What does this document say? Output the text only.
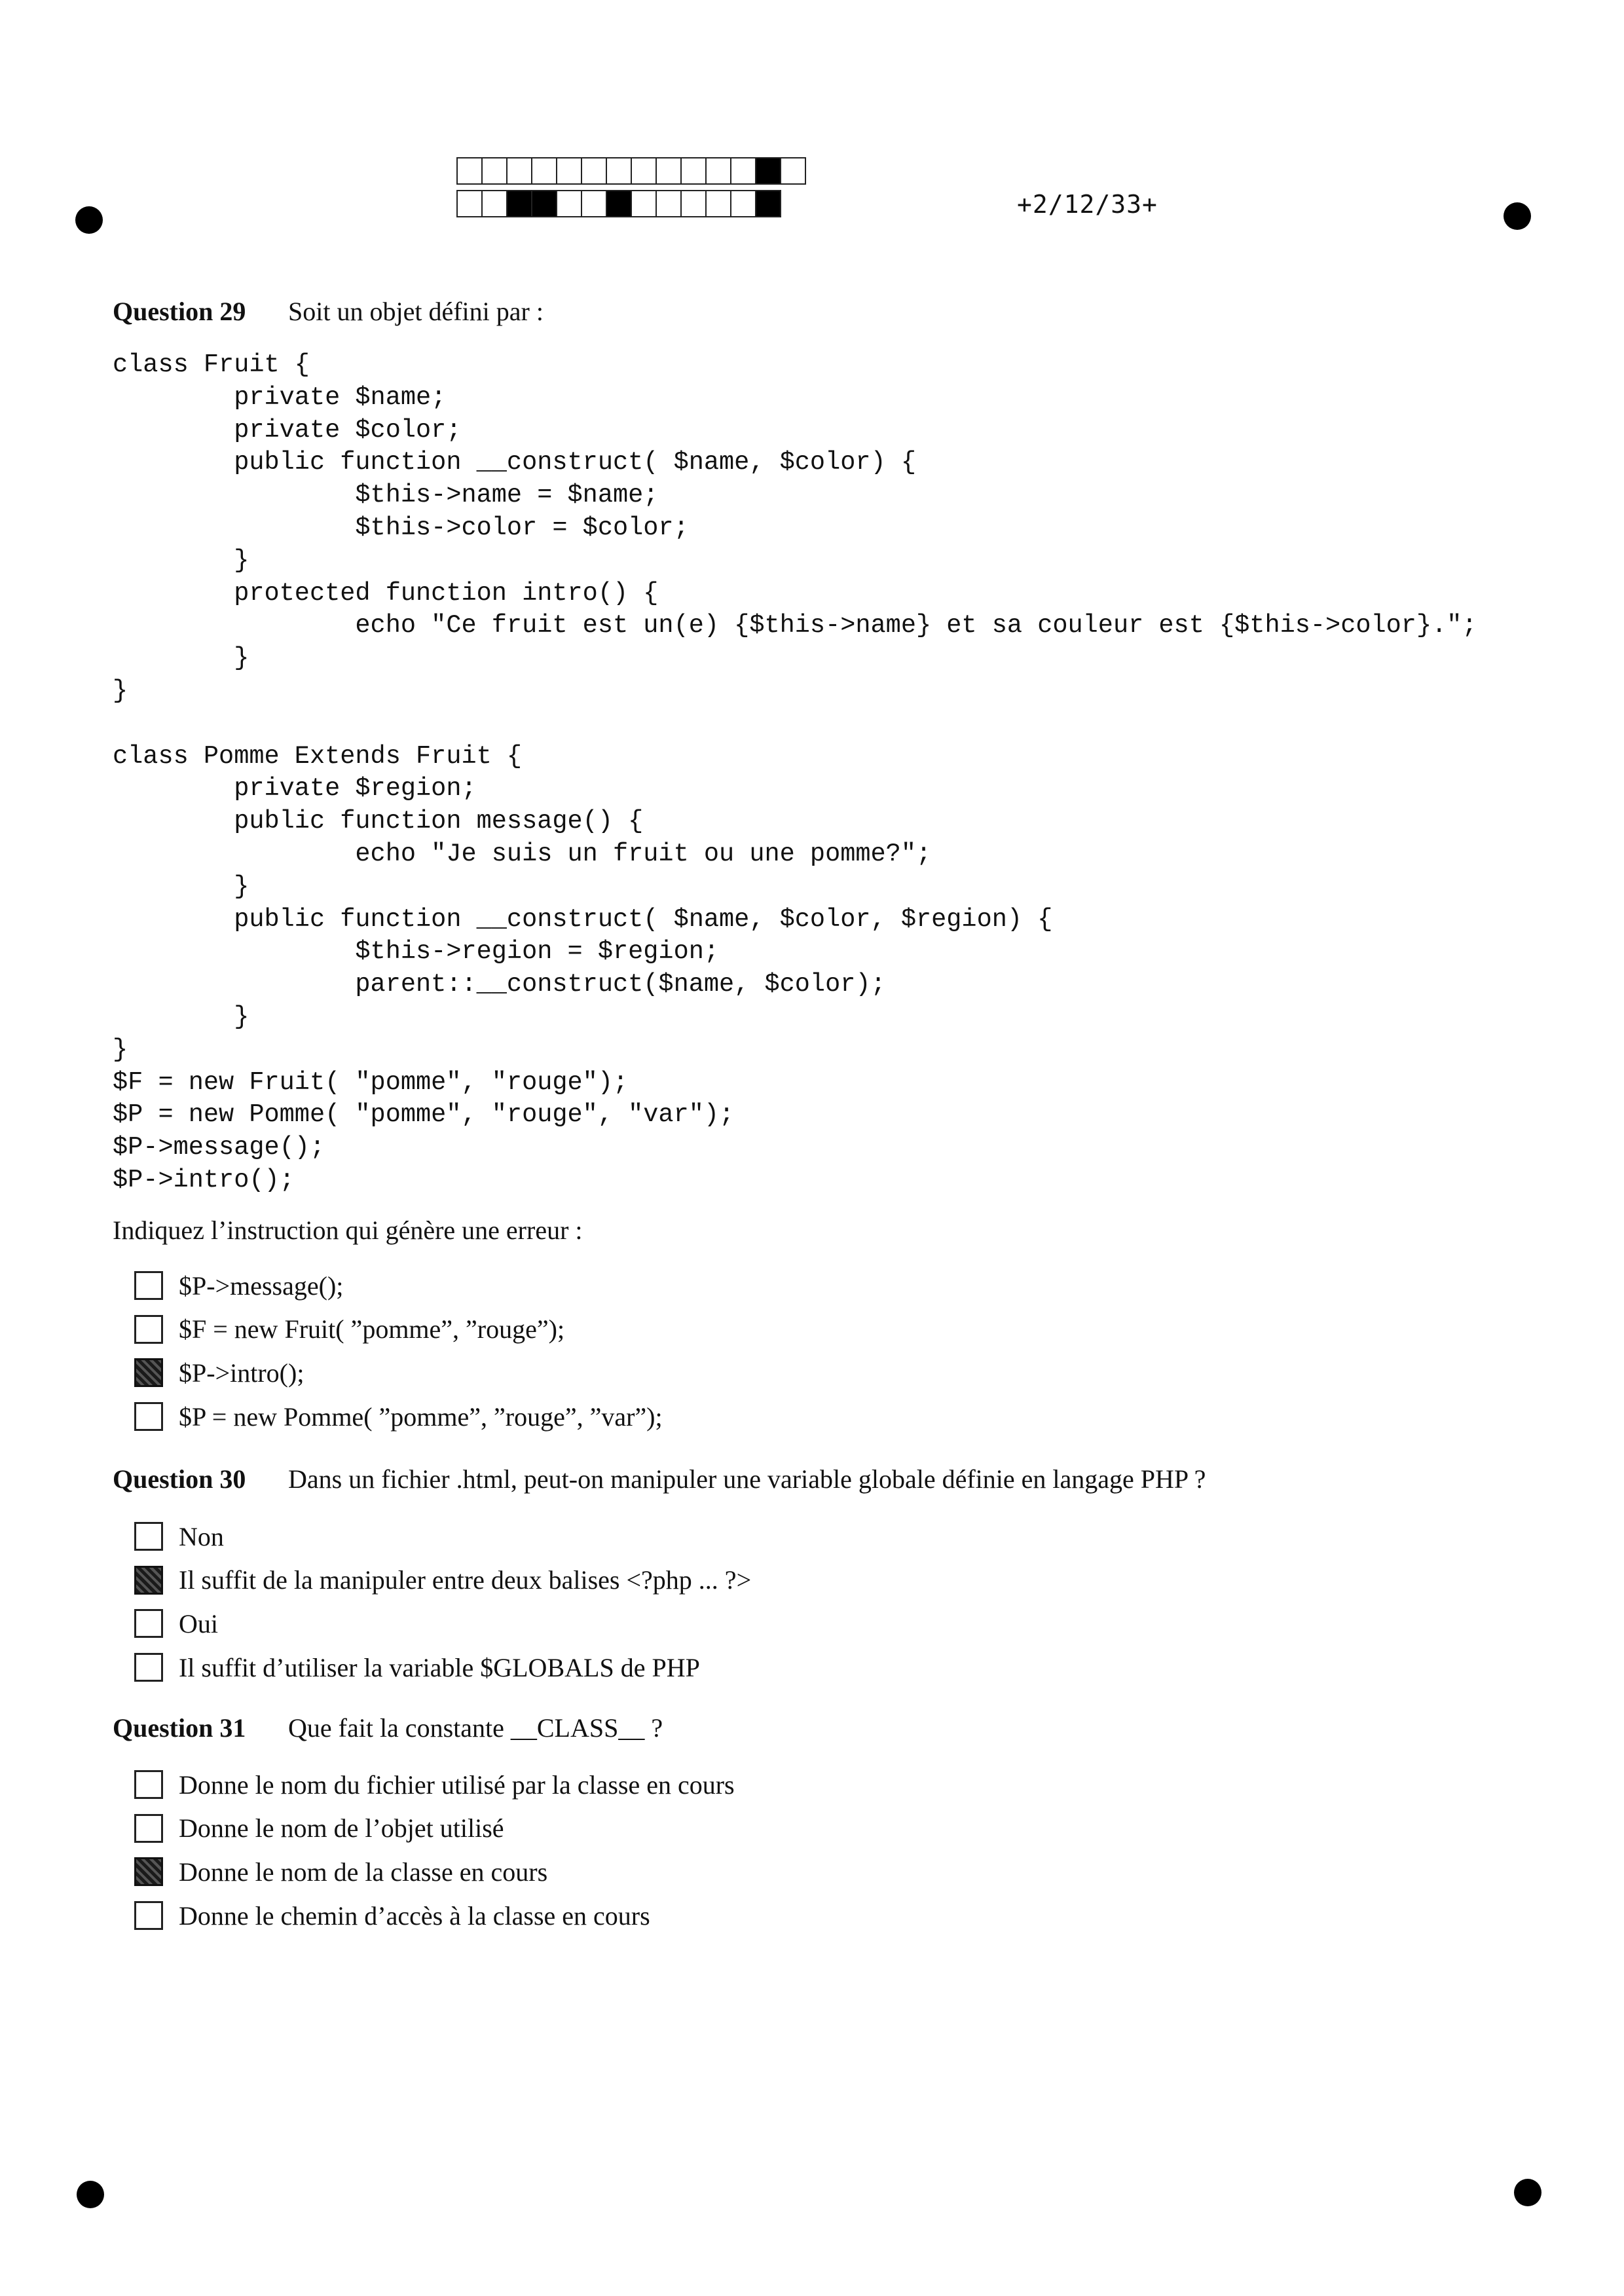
+2/12/33+
Question 29 Soit un objet défini par :
class Fruit {
private $name;
private $color;
public function __construct( $name, $color) {
$this->name = $name;
$this->color = $color;
}
protected function intro() {
echo "Ce fruit est un(e) {$this->name} et sa couleur est {$this->color}.";
}
}

class Pomme Extends Fruit {
private $region;
public function message() {
echo "Je suis un fruit ou une pomme?";
}
public function __construct( $name, $color, $region) {
$this->region = $region;
parent::__construct($name, $color);
}
}
$F = new Fruit( "pomme", "rouge");
$P = new Pomme( "pomme", "rouge", "var");
$P->message();
$P->intro();
Indiquez l’instruction qui génère une erreur :
$P->message();
$F = new Fruit( ”pomme”, ”rouge”);
$P->intro();
$P = new Pomme( ”pomme”, ”rouge”, ”var”);
Question 30 Dans un fichier .html, peut-on manipuler une variable globale définie en langage PHP ?
Non
Il suffit de la manipuler entre deux balises <?php ... ?>
Oui
Il suffit d’utiliser la variable $GLOBALS de PHP
Question 31 Que fait la constante __CLASS__ ?
Donne le nom du fichier utilisé par la classe en cours
Donne le nom de l’objet utilisé
Donne le nom de la classe en cours
Donne le chemin d’accès à la classe en cours
